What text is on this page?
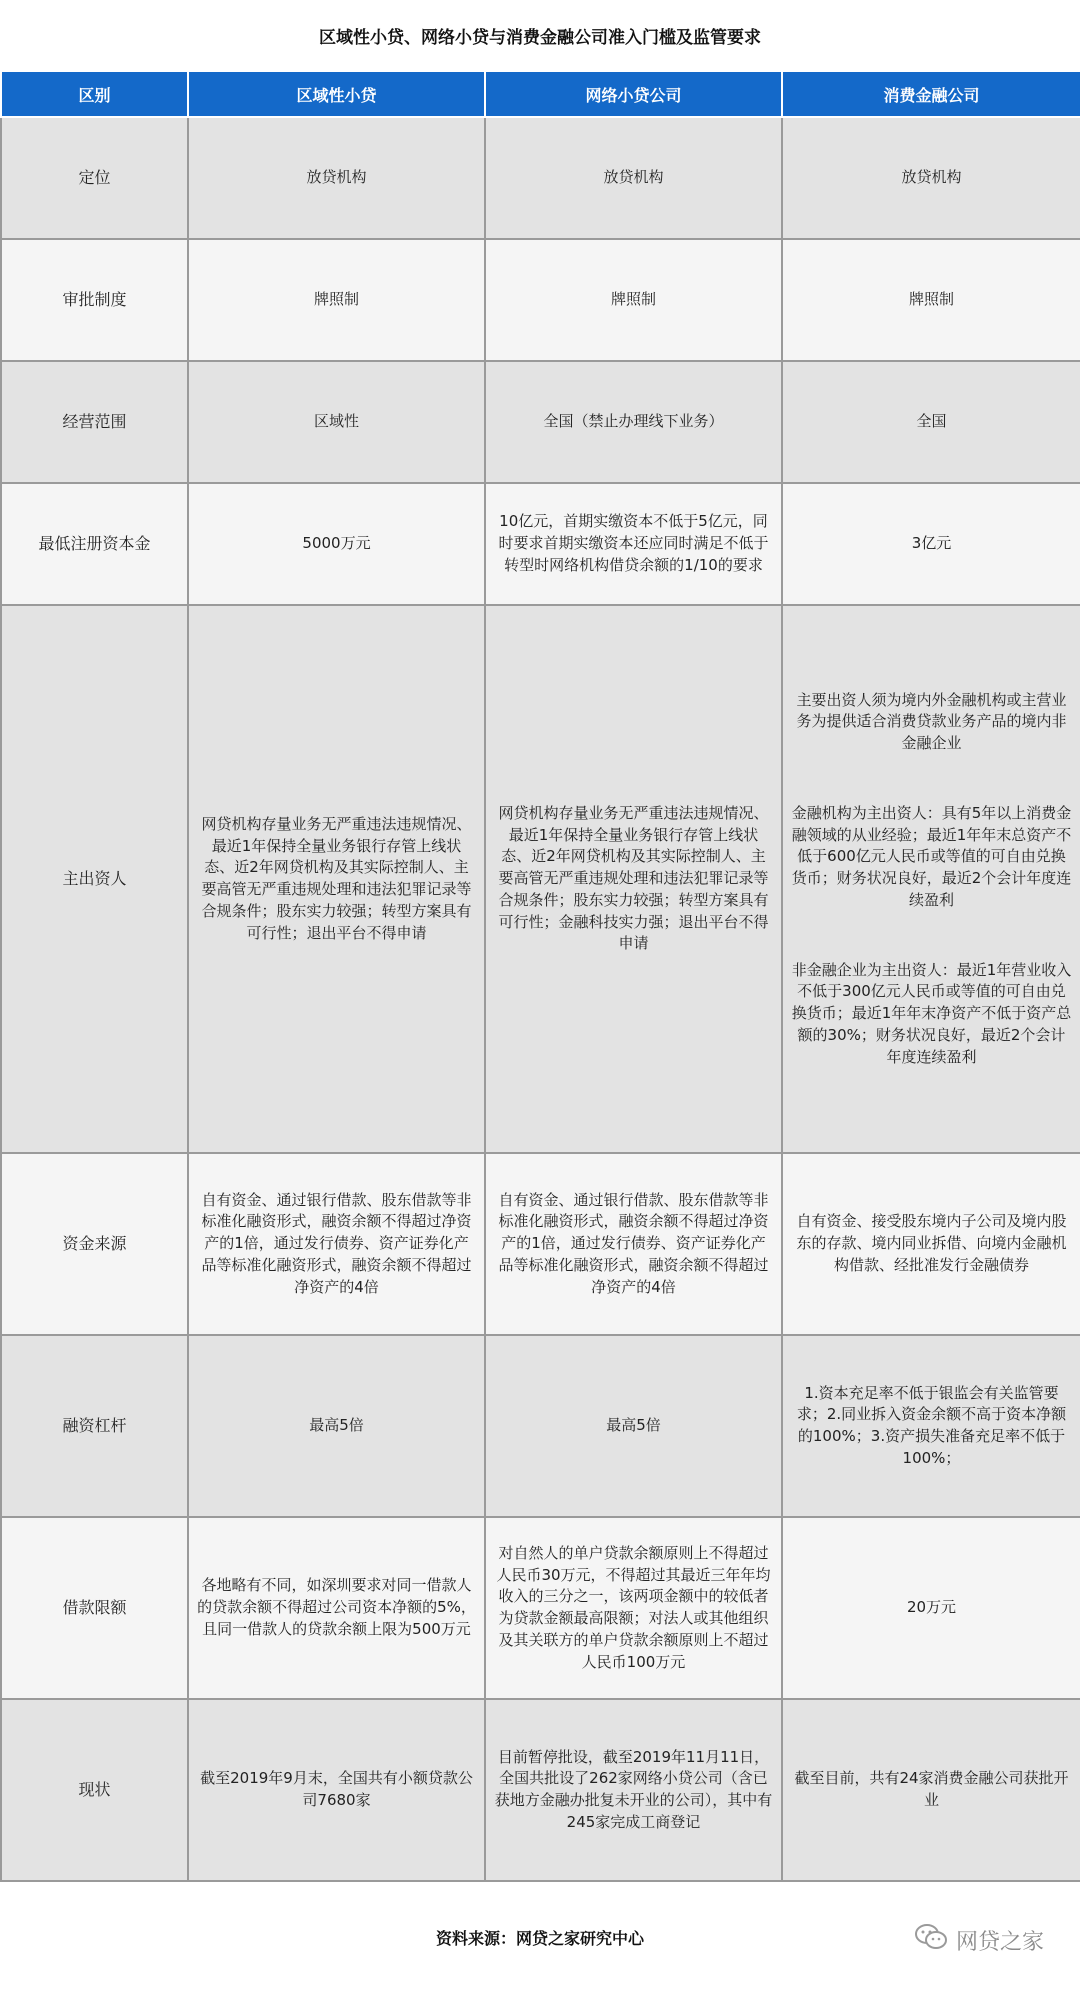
区域性小贷、网络小贷与消费金融公司准入门槛及监管要求
区别	区域性小贷	网络小贷公司	消费金融公司
定位	放贷机构	放贷机构	放贷机构
审批制度	牌照制	牌照制	牌照制
经营范围	区域性	全国（禁止办理线下业务）	全国
最低注册资本金	5000万元	10亿元，首期实缴资本不低于5亿元，同时要求首期实缴资本还应同时满足不低于转型时网络机构借贷余额的1/10的要求	3亿元
主出资人	网贷机构存量业务无严重违法违规情况、最近1年保持全量业务银行存管上线状态、近2年网贷机构及其实际控制人、主要高管无严重违规处理和违法犯罪记录等合规条件；股东实力较强；转型方案具有可行性；退出平台不得申请	网贷机构存量业务无严重违法违规情况、最近1年保持全量业务银行存管上线状态、近2年网贷机构及其实际控制人、主要高管无严重违规处理和违法犯罪记录等合规条件；股东实力较强；转型方案具有可行性；金融科技实力强；退出平台不得申请	主要出资人须为境内外金融机构或主营业务为提供适合消费贷款业务产品的境内非金融企业
金融机构为主出资人：具有5年以上消费金融领域的从业经验；最近1年年末总资产不低于600亿元人民币或等值的可自由兑换货币；财务状况良好，最近2个会计年度连续盈利
非金融企业为主出资人：最近1年营业收入不低于300亿元人民币或等值的可自由兑换货币；最近1年年末净资产不低于资产总额的30%；财务状况良好，最近2个会计年度连续盈利

资金来源	自有资金、通过银行借款、股东借款等非标准化融资形式，融资余额不得超过净资产的1倍，通过发行债券、资产证券化产品等标准化融资形式，融资余额不得超过净资产的4倍	自有资金、通过银行借款、股东借款等非标准化融资形式，融资余额不得超过净资产的1倍，通过发行债券、资产证券化产品等标准化融资形式，融资余额不得超过净资产的4倍	自有资金、接受股东境内子公司及境内股东的存款、境内同业拆借、向境内金融机构借款、经批准发行金融债券
融资杠杆	最高5倍	最高5倍	1.资本充足率不低于银监会有关监管要求；2.同业拆入资金余额不高于资本净额的100%；3.资产损失准备充足率不低于100%；
借款限额	各地略有不同，如深圳要求对同一借款人的贷款余额不得超过公司资本净额的5%，且同一借款人的贷款余额上限为500万元	对自然人的单户贷款余额原则上不得超过人民币30万元，不得超过其最近三年年均收入的三分之一，该两项金额中的较低者为贷款金额最高限额；对法人或其他组织及其关联方的单户贷款余额原则上不超过人民币100万元	20万元
现状	截至2019年9月末，全国共有小额贷款公司7680家	目前暂停批设，截至2019年11月11日，全国共批设了262家网络小贷公司（含已获地方金融办批复未开业的公司），其中有245家完成工商登记	截至目前，共有24家消费金融公司获批开业
资料来源：网贷之家研究中心	网贷之家
